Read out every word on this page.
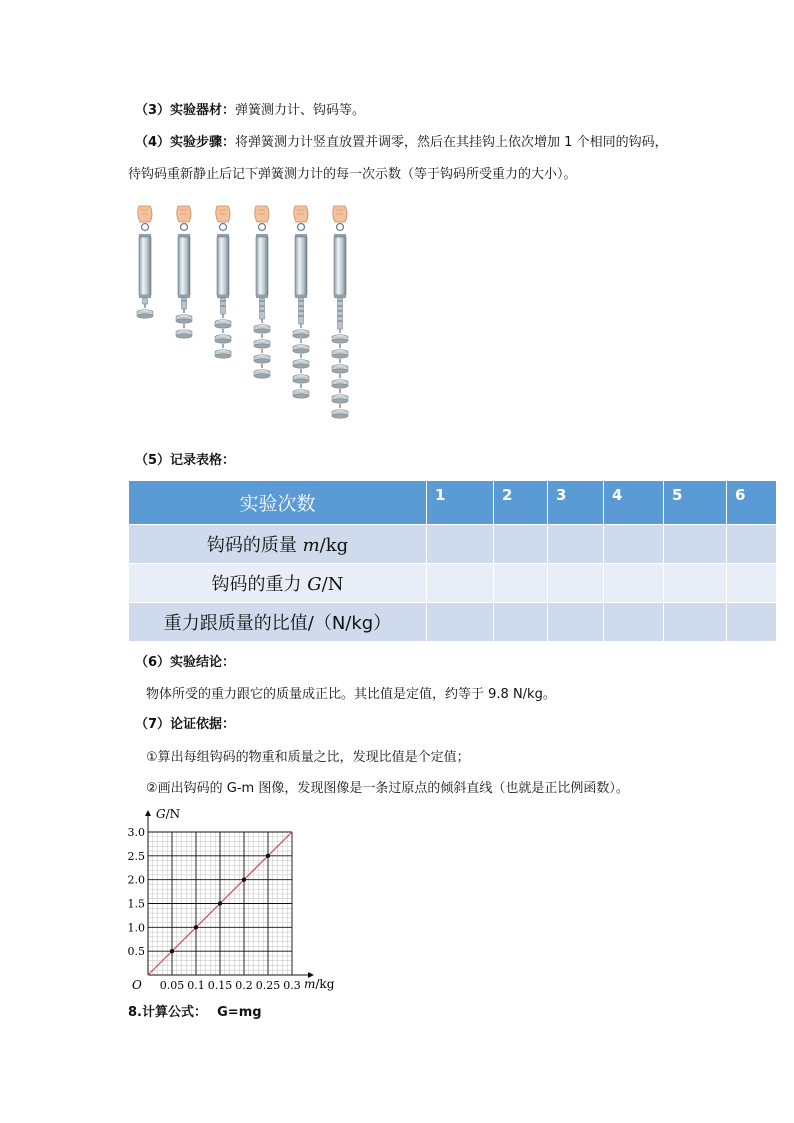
（3）实验器材：弹簧测力计、钩码等。
（4）实验步骤：将弹簧测力计竖直放置并调零，然后在其挂钩上依次增加 1 个相同的钩码，
待钩码重新静止后记下弹簧测力计的每一次示数（等于钩码所受重力的大小）。
（5）记录表格：
实验次数	1	2	3	4	5	6
钩码的质量 m/kg						
钩码的重力 G/N						
重力跟质量的比值/（N/kg）						
（6）实验结论：
物体所受的重力跟它的质量成正比。其比值是定值，约等于 9.8 N/kg。
（7）论证依据：
①算出每组钩码的物重和质量之比，发现比值是个定值；
②画出钩码的 G-m 图像，发现图像是一条过原点的倾斜直线（也就是正比例函数）。
0.05 0.1 0.15 0.2 0.25 0.3
0.5
1.0
1.5
2.0
2.5
3.0
G/N
m/kg
O
8.计算公式： G=mg
